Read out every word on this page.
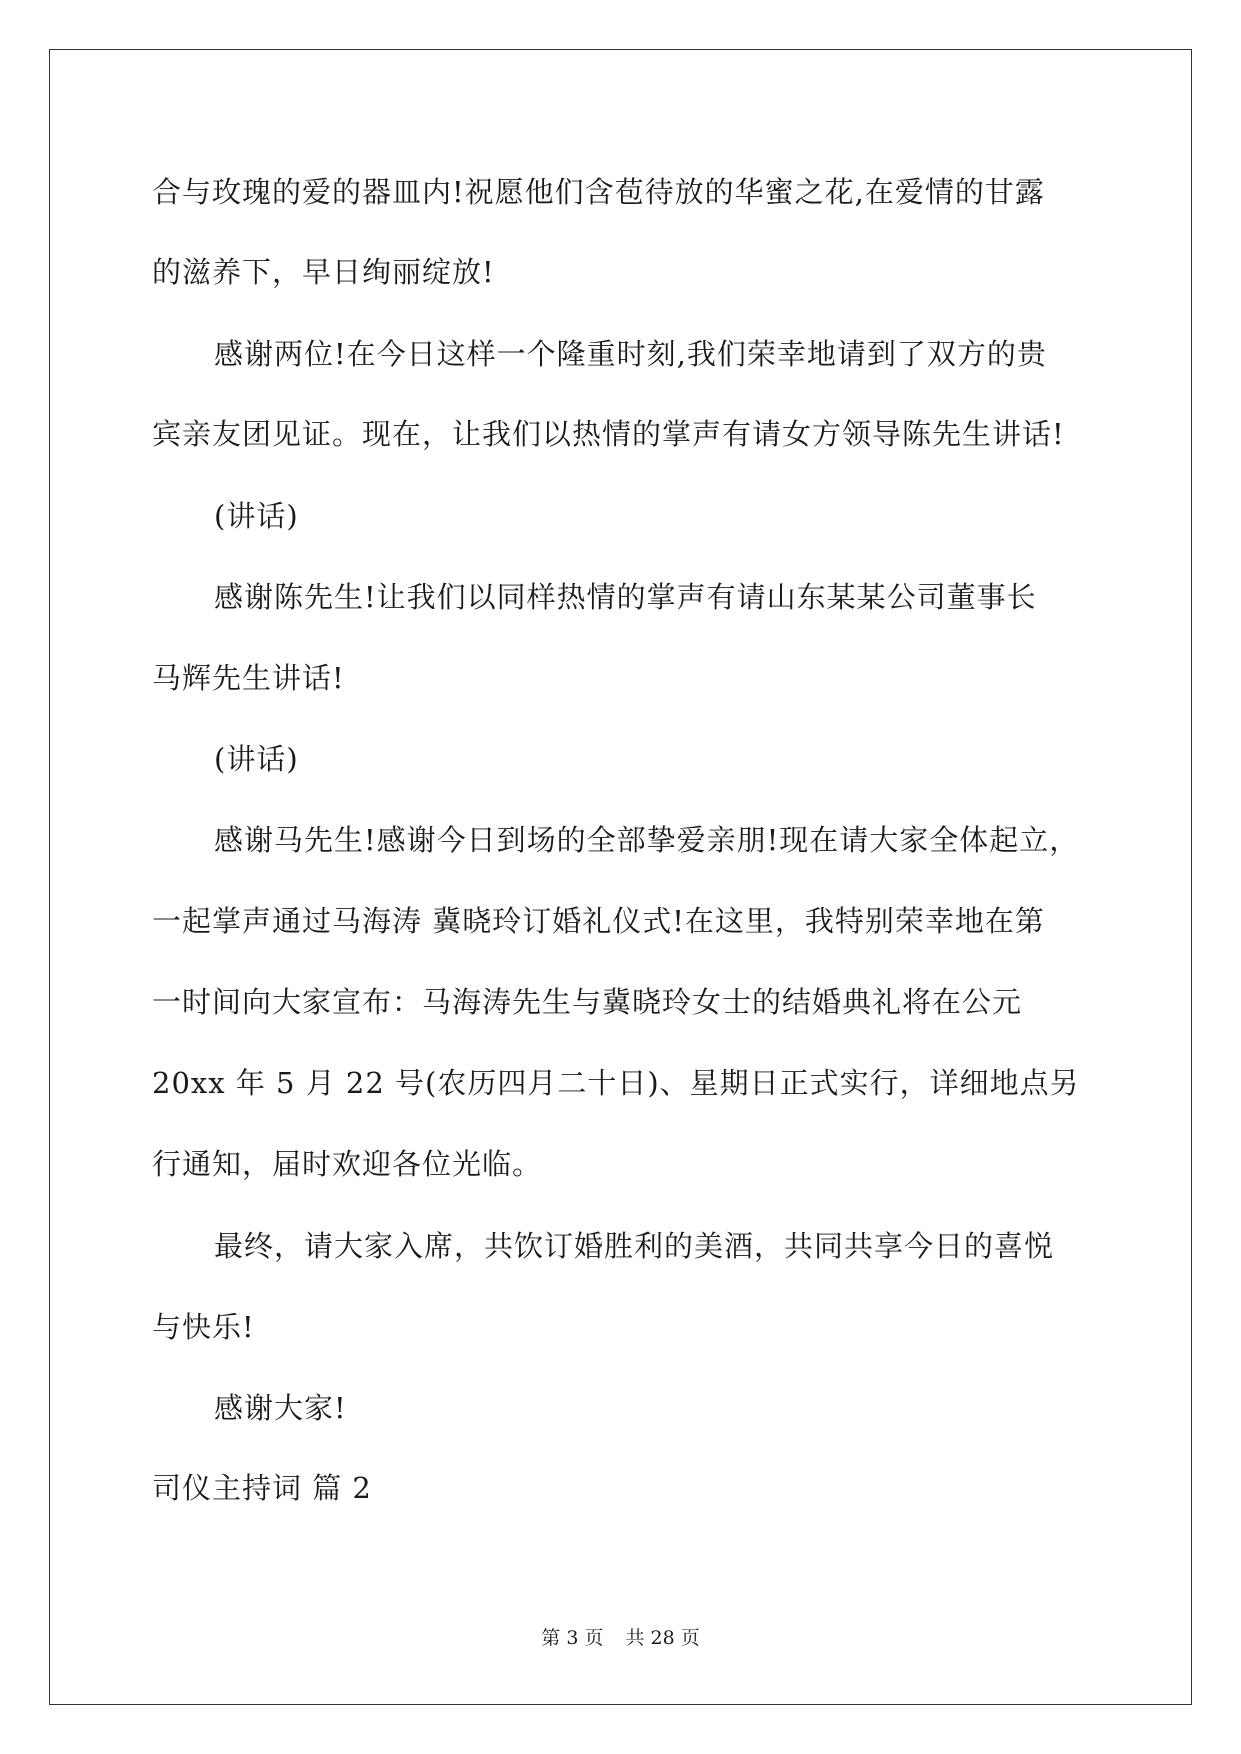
合与玫瑰的爱的器皿内!祝愿他们含苞待放的华蜜之花,在爱情的甘露
的滋养下，早日绚丽绽放!
感谢两位!在今日这样一个隆重时刻,我们荣幸地请到了双方的贵
宾亲友团见证。现在，让我们以热情的掌声有请女方领导陈先生讲话!
(讲话)
感谢陈先生!让我们以同样热情的掌声有请山东某某公司董事长
马辉先生讲话!
(讲话)
感谢马先生!感谢今日到场的全部挚爱亲朋!现在请大家全体起立，
一起掌声通过马海涛 冀晓玲订婚礼仪式!在这里，我特别荣幸地在第
一时间向大家宣布：马海涛先生与冀晓玲女士的结婚典礼将在公元
20xx 年 5 月 22 号(农历四月二十日)、星期日正式实行，详细地点另
行通知，届时欢迎各位光临。
最终，请大家入席，共饮订婚胜利的美酒，共同共享今日的喜悦
与快乐!
感谢大家!
司仪主持词 篇 2
第 3 页 共 28 页
